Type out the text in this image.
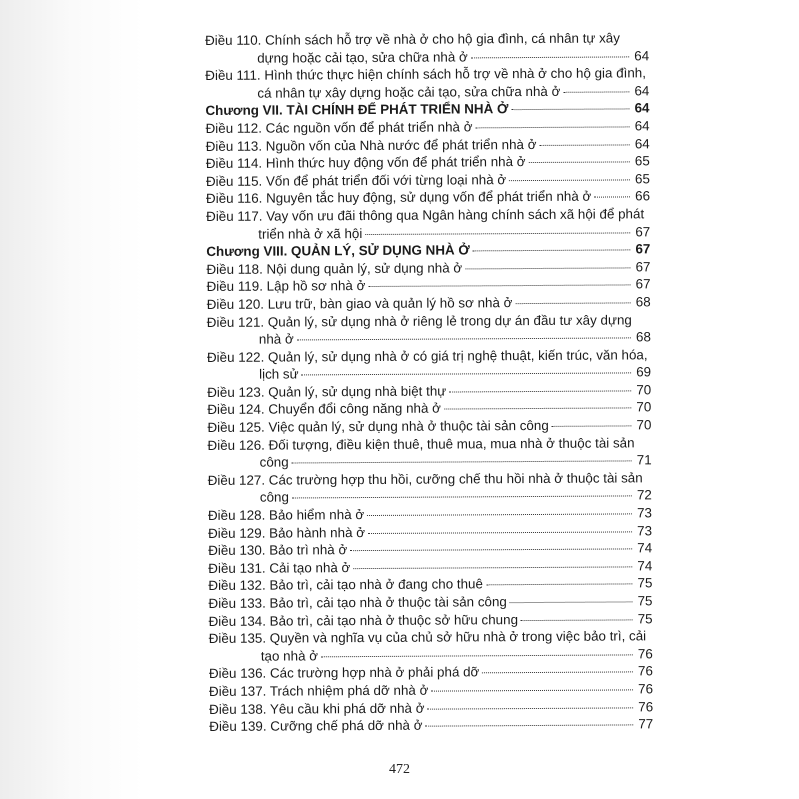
Điều 110. Chính sách hỗ trợ về nhà ở cho hộ gia đình, cá nhân tự xây
dựng hoặc cải tạo, sửa chữa nhà ở	64
Điều 111. Hình thức thực hiện chính sách hỗ trợ về nhà ở cho hộ gia đình,
cá nhân tự xây dựng hoặc cải tạo, sửa chữa nhà ở	64
Chương VII. TÀI CHÍNH ĐỂ PHÁT TRIỂN NHÀ Ở	64
Điều 112. Các nguồn vốn để phát triển nhà ở	64
Điều 113. Nguồn vốn của Nhà nước để phát triển nhà ở	64
Điều 114. Hình thức huy động vốn để phát triển nhà ở	65
Điều 115. Vốn để phát triển đối với từng loại nhà ở	65
Điều 116. Nguyên tắc huy động, sử dụng vốn để phát triển nhà ở	66
Điều 117. Vay vốn ưu đãi thông qua Ngân hàng chính sách xã hội để phát
triển nhà ở xã hội	67
Chương VIII. QUẢN LÝ, SỬ DỤNG NHÀ Ở	67
Điều 118. Nội dung quản lý, sử dụng nhà ở	67
Điều 119. Lập hồ sơ nhà ở	67
Điều 120. Lưu trữ, bàn giao và quản lý hồ sơ nhà ở	68
Điều 121. Quản lý, sử dụng nhà ở riêng lẻ trong dự án đầu tư xây dựng
nhà ở	68
Điều 122. Quản lý, sử dụng nhà ở có giá trị nghệ thuật, kiến trúc, văn hóa,
lịch sử	69
Điều 123. Quản lý, sử dụng nhà biệt thự	70
Điều 124. Chuyển đổi công năng nhà ở	70
Điều 125. Việc quản lý, sử dụng nhà ở thuộc tài sản công	70
Điều 126. Đối tượng, điều kiện thuê, thuê mua, mua nhà ở thuộc tài sản
công	71
Điều 127. Các trường hợp thu hồi, cưỡng chế thu hồi nhà ở thuộc tài sản
công	72
Điều 128. Bảo hiểm nhà ở	73
Điều 129. Bảo hành nhà ở	73
Điều 130. Bảo trì nhà ở	74
Điều 131. Cải tạo nhà ở	74
Điều 132. Bảo trì, cải tạo nhà ở đang cho thuê	75
Điều 133. Bảo trì, cải tạo nhà ở thuộc tài sản công	75
Điều 134. Bảo trì, cải tạo nhà ở thuộc sở hữu chung	75
Điều 135. Quyền và nghĩa vụ của chủ sở hữu nhà ở trong việc bảo trì, cải
tạo nhà ở	76
Điều 136. Các trường hợp nhà ở phải phá dỡ	76
Điều 137. Trách nhiệm phá dỡ nhà ở	76
Điều 138. Yêu cầu khi phá dỡ nhà ở	76
Điều 139. Cưỡng chế phá dỡ nhà ở	77
472
